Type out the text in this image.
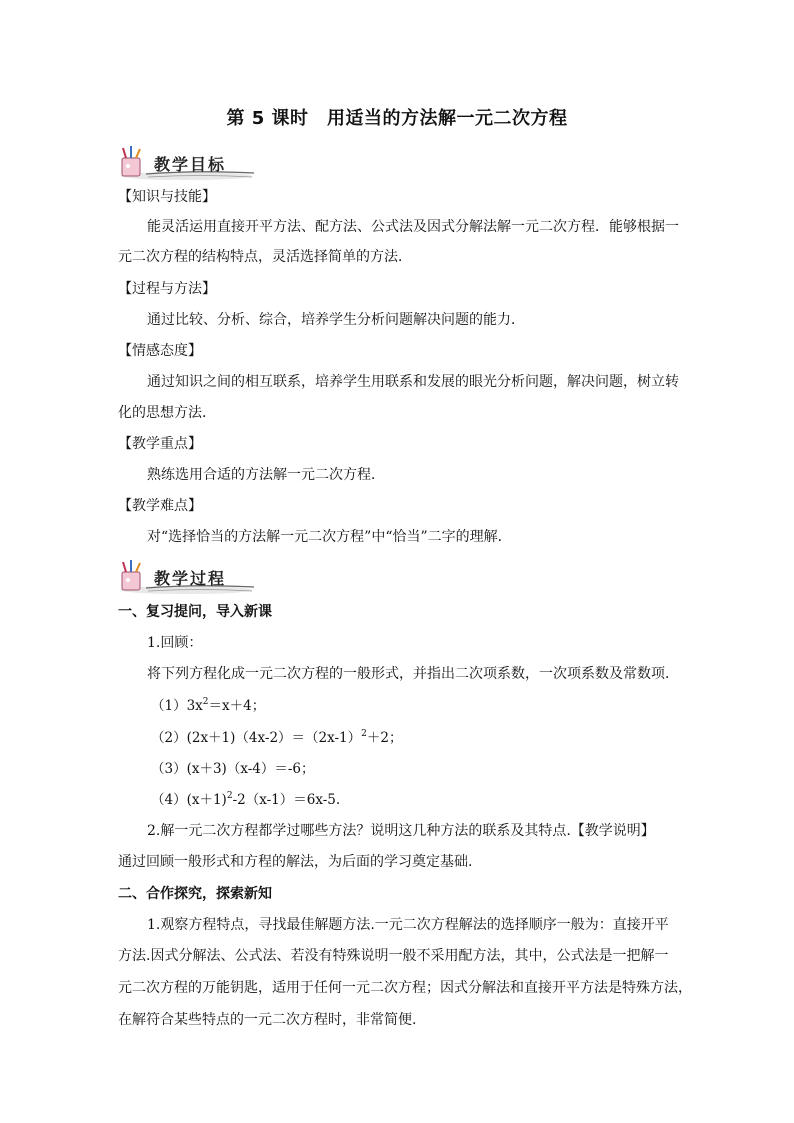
第 5 课时　用适当的方法解一元二次方程
教学目标
【知识与技能】
能灵活运用直接开平方法、配方法、公式法及因式分解法解一元二次方程．能够根据一
元二次方程的结构特点，灵活选择简单的方法．
【过程与方法】
通过比较、分析、综合，培养学生分析问题解决问题的能力．
【情感态度】
通过知识之间的相互联系，培养学生用联系和发展的眼光分析问题，解决问题，树立转
化的思想方法．
【教学重点】
熟练选用合适的方法解一元二次方程．
【教学难点】
对“选择恰当的方法解一元二次方程”中“恰当”二字的理解．
教学过程
一、复习提问，导入新课
1.回顾：
将下列方程化成一元二次方程的一般形式，并指出二次项系数，一次项系数及常数项．
$(1)3x^2=x+4$；
$(2)(2x+1)(4x-2)=(2x-1)^2+2$；
（3）(x＋3)（x-4）＝-6；
$(4)(x+1)^2-2(x-1)=6x-5$.
2.解一元二次方程都学过哪些方法？说明这几种方法的联系及其特点.【教学说明】
通过回顾一般形式和方程的解法，为后面的学习奠定基础.
二、合作探究，探索新知
1.观察方程特点，寻找最佳解题方法.一元二次方程解法的选择顺序一般为：直接开平
方法.因式分解法、公式法、若没有特殊说明一般不采用配方法，其中，公式法是一把解一
元二次方程的万能钥匙，适用于任何一元二次方程；因式分解法和直接开平方法是特殊方法，
在解符合某些特点的一元二次方程时，非常简便.
